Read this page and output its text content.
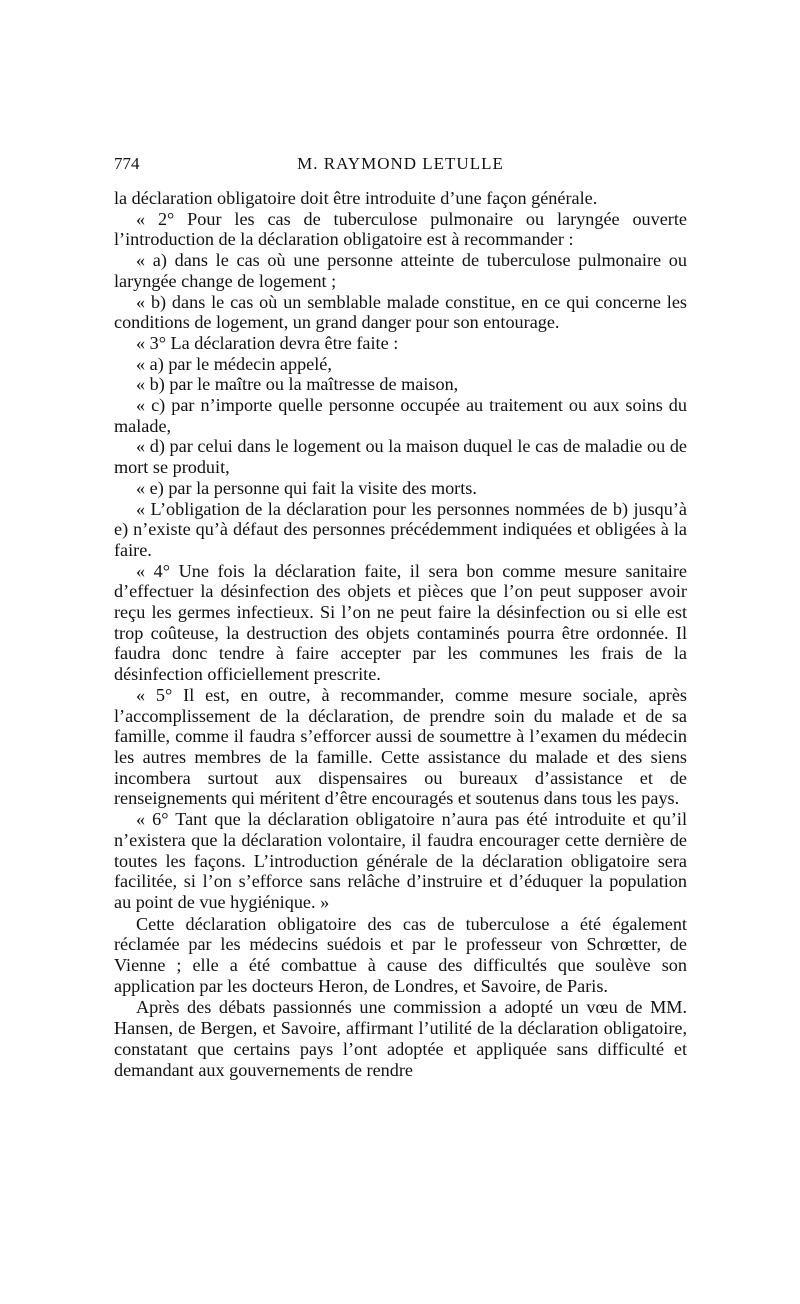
774	M. RAYMOND LETULLE

la déclaration obligatoire doit être introduite d’une façon générale.

« 2° Pour les cas de tuberculose pulmonaire ou laryngée ouverte l’introduction de la déclaration obligatoire est à recommander :

« a) dans le cas où une personne atteinte de tuberculose pulmonaire ou laryngée change de logement ;

« b) dans le cas où un semblable malade constitue, en ce qui concerne les conditions de logement, un grand danger pour son entourage.

« 3° La déclaration devra être faite :

« a) par le médecin appelé,

« b) par le maître ou la maîtresse de maison,

« c) par n’importe quelle personne occupée au traitement ou aux soins du malade,

« d) par celui dans le logement ou la maison duquel le cas de maladie ou de mort se produit,

« e) par la personne qui fait la visite des morts.

« L’obligation de la déclaration pour les personnes nommées de b) jusqu’à e) n’existe qu’à défaut des personnes précédemment indiquées et obligées à la faire.

« 4° Une fois la déclaration faite, il sera bon comme mesure sanitaire d’effectuer la désinfection des objets et pièces que l’on peut supposer avoir reçu les germes infectieux. Si l’on ne peut faire la désinfection ou si elle est trop coûteuse, la destruction des objets contaminés pourra être ordonnée. Il faudra donc tendre à faire accepter par les communes les frais de la désinfection officiellement prescrite.

« 5° Il est, en outre, à recommander, comme mesure sociale, après l’accomplissement de la déclaration, de prendre soin du malade et de sa famille, comme il faudra s’efforcer aussi de soumettre à l’examen du médecin les autres membres de la famille. Cette assistance du malade et des siens incombera surtout aux dispensaires ou bureaux d’assistance et de renseignements qui méritent d’être encouragés et soutenus dans tous les pays.

« 6° Tant que la déclaration obligatoire n’aura pas été introduite et qu’il n’existera que la déclaration volontaire, il faudra encourager cette dernière de toutes les façons. L’introduction générale de la déclaration obligatoire sera facilitée, si l’on s’efforce sans relâche d’instruire et d’éduquer la population au point de vue hygiénique. »

Cette déclaration obligatoire des cas de tuberculose a été également réclamée par les médecins suédois et par le professeur von Schrœtter, de Vienne ; elle a été combattue à cause des difficultés que soulève son application par les docteurs Heron, de Londres, et Savoire, de Paris.

Après des débats passionnés une commission a adopté un vœu de MM. Hansen, de Bergen, et Savoire, affirmant l’utilité de la déclaration obligatoire, constatant que certains pays l’ont adoptée et appliquée sans difficulté et demandant aux gouvernements de rendre
